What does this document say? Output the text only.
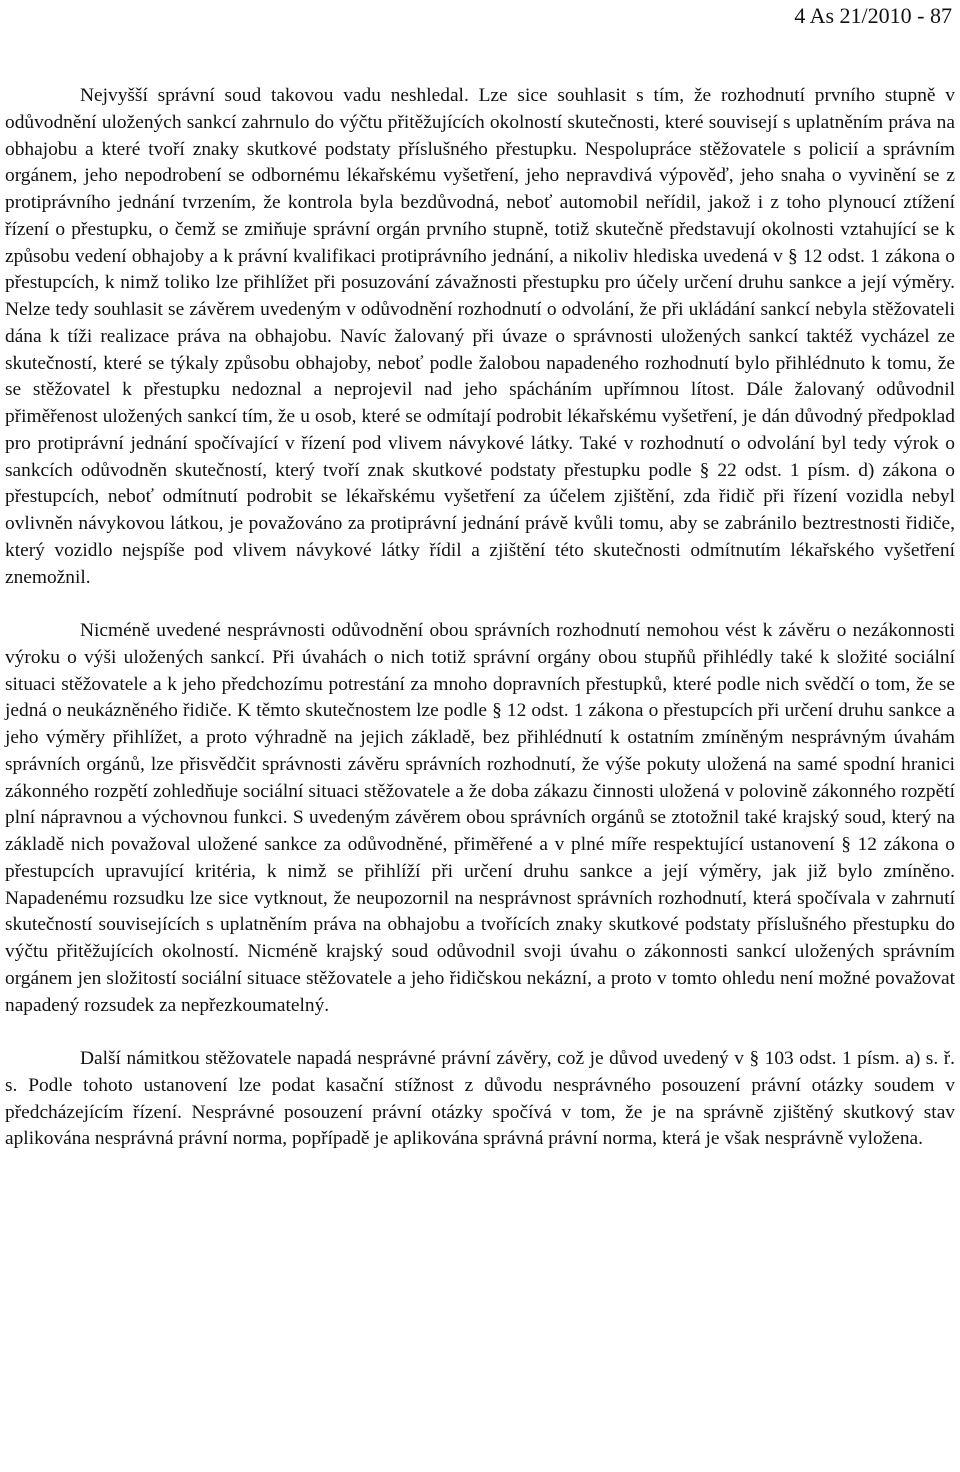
4 As 21/2010 - 87

Nejvyšší správní soud takovou vadu neshledal. Lze sice souhlasit s tím, že rozhodnutí prvního stupně v odůvodnění uložených sankcí zahrnulo do výčtu přitěžujících okolností skutečnosti, které souvisejí s uplatněním práva na obhajobu a které tvoří znaky skutkové podstaty příslušného přestupku. Nespolupráce stěžovatele s policií a správním orgánem, jeho nepodrobení se odbornému lékařskému vyšetření, jeho nepravdivá výpověď, jeho snaha o vyvinění se z protiprávního jednání tvrzením, že kontrola byla bezdůvodná, neboť automobil neřídil, jakož i z toho plynoucí ztížení řízení o přestupku, o čemž se zmiňuje správní orgán prvního stupně, totiž skutečně představují okolnosti vztahující se k způsobu vedení obhajoby a k právní kvalifikaci protiprávního jednání, a nikoliv hlediska uvedená v § 12 odst. 1 zákona o přestupcích, k nimž toliko lze přihlížet při posuzování závažnosti přestupku pro účely určení druhu sankce a její výměry. Nelze tedy souhlasit se závěrem uvedeným v odůvodnění rozhodnutí o odvolání, že při ukládání sankcí nebyla stěžovateli dána k tíži realizace práva na obhajobu. Navíc žalovaný při úvaze o správnosti uložených sankcí taktéž vycházel ze skutečností, které se týkaly způsobu obhajoby, neboť podle žalobou napadeného rozhodnutí bylo přihlédnuto k tomu, že se stěžovatel k přestupku nedoznal a neprojevil nad jeho spácháním upřímnou lítost. Dále žalovaný odůvodnil přiměřenost uložených sankcí tím, že u osob, které se odmítají podrobit lékařskému vyšetření, je dán důvodný předpoklad pro protiprávní jednání spočívající v řízení pod vlivem návykové látky. Také v rozhodnutí o odvolání byl tedy výrok o sankcích odůvodněn skutečností, který tvoří znak skutkové podstaty přestupku podle § 22 odst. 1 písm. d) zákona o přestupcích, neboť odmítnutí podrobit se lékařskému vyšetření za účelem zjištění, zda řidič při řízení vozidla nebyl ovlivněn návykovou látkou, je považováno za protiprávní jednání právě kvůli tomu, aby se zabránilo beztrestnosti řidiče, který vozidlo nejspíše pod vlivem návykové látky řídil a zjištění této skutečnosti odmítnutím lékařského vyšetření znemožnil.

Nicméně uvedené nesprávnosti odůvodnění obou správních rozhodnutí nemohou vést k závěru o nezákonnosti výroku o výši uložených sankcí. Při úvahách o nich totiž správní orgány obou stupňů přihlédly také k složité sociální situaci stěžovatele a k jeho předchozímu potrestání za mnoho dopravních přestupků, které podle nich svědčí o tom, že se jedná o neukázněného řidiče. K těmto skutečnostem lze podle § 12 odst. 1 zákona o přestupcích při určení druhu sankce a jeho výměry přihlížet, a proto výhradně na jejich základě, bez přihlédnutí k ostatním zmíněným nesprávným úvahám správních orgánů, lze přisvědčit správnosti závěru správních rozhodnutí, že výše pokuty uložená na samé spodní hranici zákonného rozpětí zohledňuje sociální situaci stěžovatele a že doba zákazu činnosti uložená v polovině zákonného rozpětí plní nápravnou a výchovnou funkci. S uvedeným závěrem obou správních orgánů se ztotožnil také krajský soud, který na základě nich považoval uložené sankce za odůvodněné, přiměřené a v plné míře respektující ustanovení § 12 zákona o přestupcích upravující kritéria, k nimž se přihlíží při určení druhu sankce a její výměry, jak již bylo zmíněno. Napadenému rozsudku lze sice vytknout, že neupozornil na nesprávnost správních rozhodnutí, která spočívala v zahrnutí skutečností souvisejících s uplatněním práva na obhajobu a tvořících znaky skutkové podstaty příslušného přestupku do výčtu přitěžujících okolností. Nicméně krajský soud odůvodnil svoji úvahu o zákonnosti sankcí uložených správním orgánem jen složitostí sociální situace stěžovatele a jeho řidičskou nekázní, a proto v tomto ohledu není možné považovat napadený rozsudek za nepřezkoumatelný.

Další námitkou stěžovatele napadá nesprávné právní závěry, což je důvod uvedený v § 103 odst. 1 písm. a) s. ř. s. Podle tohoto ustanovení lze podat kasační stížnost z důvodu nesprávného posouzení právní otázky soudem v předcházejícím řízení. Nesprávné posouzení právní otázky spočívá v tom, že je na správně zjištěný skutkový stav aplikována nesprávná právní norma, popřípadě je aplikována správná právní norma, která je však nesprávně vyložena.
